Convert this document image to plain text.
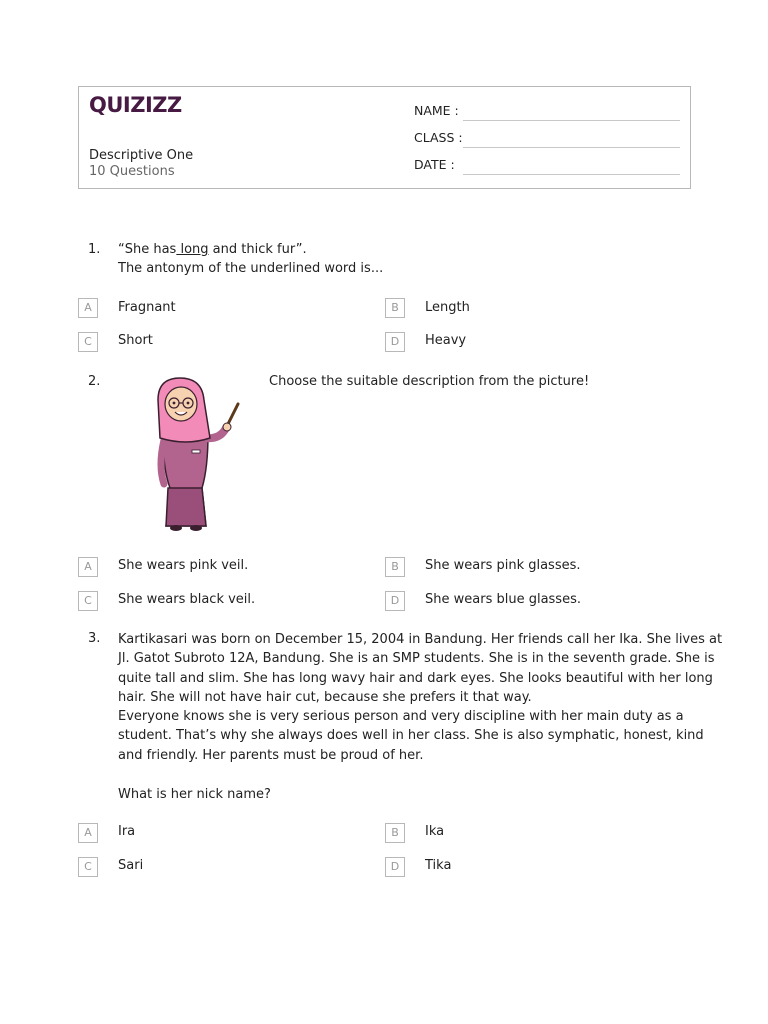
QUIZIZZ
Descriptive One
10 Questions
NAME :
CLASS :
DATE :
1. “She has long and thick fur”.
The antonym of the underlined word is...
A	Fragnant	B	Length
C	Short	D	Heavy
2.	Choose the suitable description from the picture!
A	She wears pink veil.	B	She wears pink glasses.
C	She wears black veil.	D	She wears blue glasses.
3. Kartikasari was born on December 15, 2004 in Bandung. Her friends call her Ika. She lives at
Jl. Gatot Subroto 12A, Bandung. She is an SMP students. She is in the seventh grade. She is
quite tall and slim. She has long wavy hair and dark eyes. She looks beautiful with her long
hair. She will not have hair cut, because she prefers it that way.
Everyone knows she is very serious person and very discipline with her main duty as a
student. That’s why she always does well in her class. She is also symphatic, honest, kind
and friendly. Her parents must be proud of her.
What is her nick name?
A	Ira	B	Ika
C	Sari	D	Tika
